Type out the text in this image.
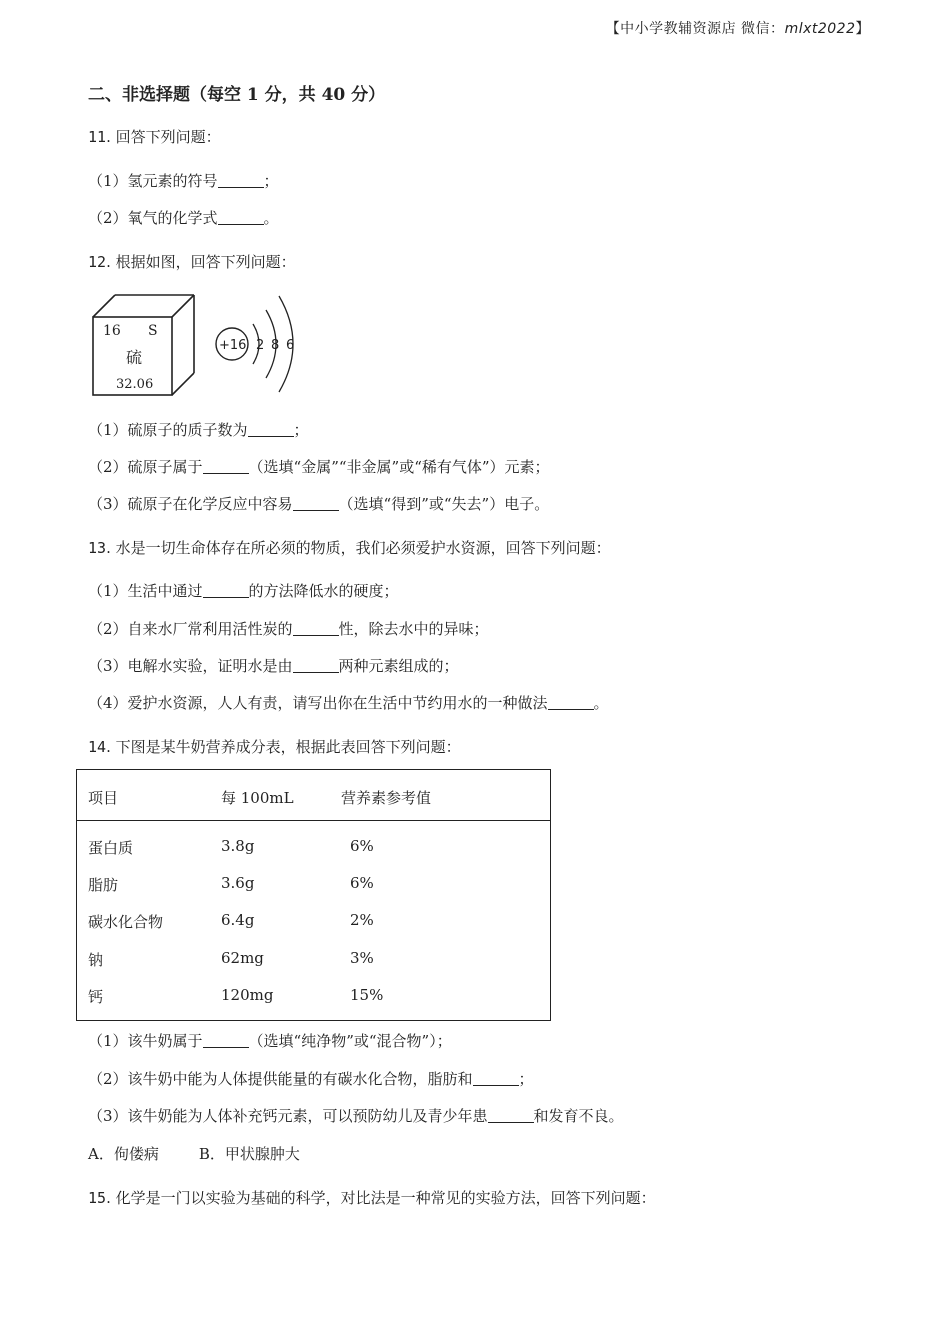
【中小学教辅资源店 微信：mlxt2022】
二、非选择题（每空 1 分，共 40 分）
11. 回答下列问题：
（1）氢元素的符号	；
（2）氧气的化学式	。
12. 根据如图，回答下列问题：
16 S
硫
32.06
+16 2 8 6
（1）硫原子的质子数为	；
（2）硫原子属于	（选填“金属”“非金属”或“稀有气体”）元素；
（3）硫原子在化学反应中容易	（选填“得到”或“失去”）电子。
13. 水是一切生命体存在所必须的物质，我们必须爱护水资源，回答下列问题：
（1）生活中通过	的方法降低水的硬度；
（2）自来水厂常利用活性炭的	性，除去水中的异味；
（3）电解水实验，证明水是由	两种元素组成的；
（4）爱护水资源，人人有责，请写出你在生活中节约用水的一种做法	。
14. 下图是某牛奶营养成分表，根据此表回答下列问题：
项目	每 100mL	营养素参考值
蛋白质	3.8g	6%
脂肪	3.6g	6%
碳水化合物	6.4g	2%
钠	62mg	3%
钙	120mg	15%
（1）该牛奶属于	（选填“纯净物”或“混合物”）；
（2）该牛奶中能为人体提供能量的有碳水化合物，脂肪和	；
（3）该牛奶能为人体补充钙元素，可以预防幼儿及青少年患	和发育不良。
A．佝偻病	B．甲状腺肿大
15. 化学是一门以实验为基础的科学，对比法是一种常见的实验方法，回答下列问题：
